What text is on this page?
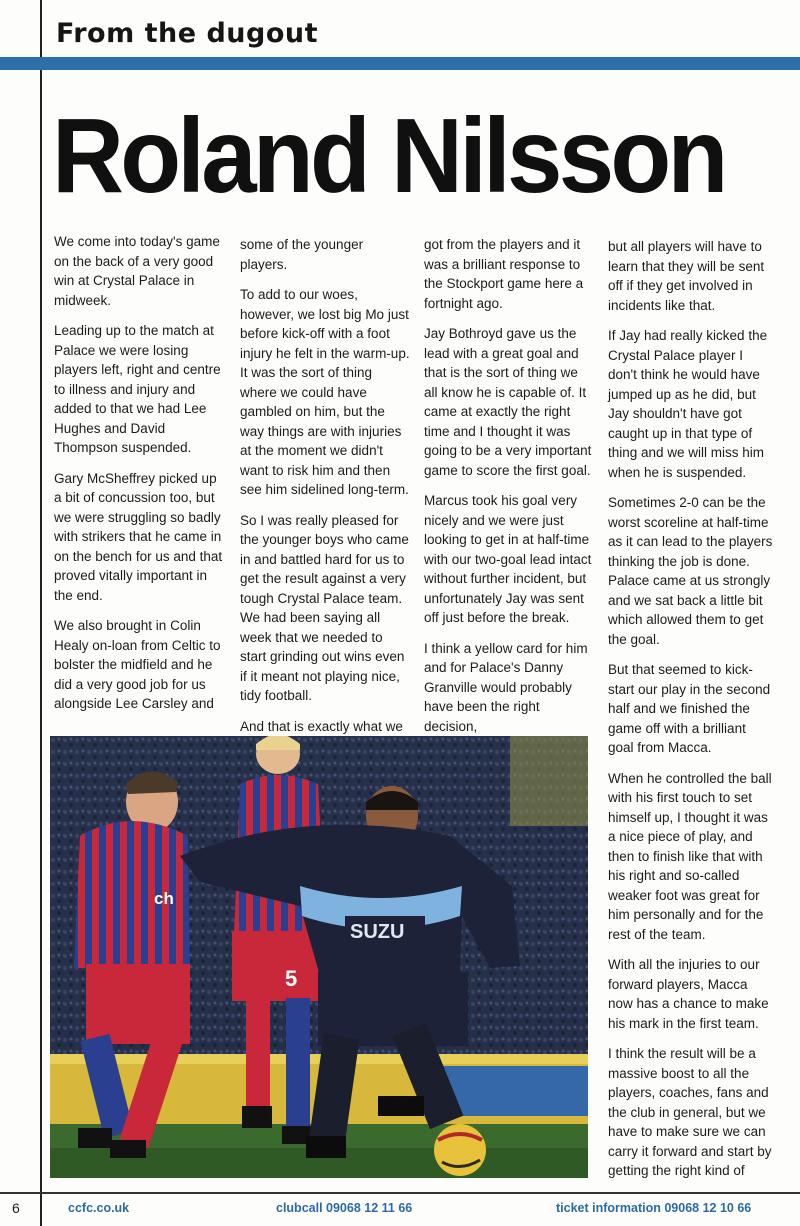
From the dugout
Roland Nilsson

We come into today's game on the back of a very good win at Crystal Palace in midweek.

Leading up to the match at Palace we were losing players left, right and centre to illness and injury and added to that we had Lee Hughes and David Thompson suspended.

Gary McSheffrey picked up a bit of concussion too, but we were struggling so badly with strikers that he came in on the bench for us and that proved vitally important in the end.

We also brought in Colin Healy on-loan from Celtic to bolster the midfield and he did a very good job for us alongside Lee Carsley and

some of the younger players.

To add to our woes, however, we lost big Mo just before kick-off with a foot injury he felt in the warm-up. It was the sort of thing where we could have gambled on him, but the way things are with injuries at the moment we didn't want to risk him and then see him sidelined long-term.

So I was really pleased for the younger boys who came in and battled hard for us to get the result against a very tough Crystal Palace team. We had been saying all week that we needed to start grinding out wins even if it meant not playing nice, tidy football.

And that is exactly what we

got from the players and it was a brilliant response to the Stockport game here a fortnight ago.

Jay Bothroyd gave us the lead with a great goal and that is the sort of thing we all know he is capable of. It came at exactly the right time and I thought it was going to be a very important game to score the first goal.

Marcus took his goal very nicely and we were just looking to get in at half-time with our two-goal lead intact without further incident, but unfortunately Jay was sent off just before the break.

I think a yellow card for him and for Palace's Danny Granville would probably have been the right decision,

but all players will have to learn that they will be sent off if they get involved in incidents like that.

If Jay had really kicked the Crystal Palace player I don't think he would have jumped up as he did, but Jay shouldn't have got caught up in that type of thing and we will miss him when he is suspended.

Sometimes 2-0 can be the worst scoreline at half-time as it can lead to the players thinking the job is done. Palace came at us strongly and we sat back a little bit which allowed them to get the goal.

But that seemed to kick-start our play in the second half and we finished the game off with a brilliant goal from Macca.

When he controlled the ball with his first touch to set himself up, I thought it was a nice piece of play, and then to finish like that with his right and so-called weaker foot was great for him personally and for the rest of the team.

With all the injuries to our forward players, Macca now has a chance to make his mark in the first team.

I think the result will be a massive boost to all the players, coaches, fans and the club in general, but we have to make sure we can carry it forward and start by getting the right kind of

5
ch
SUZU
6	ccfc.co.uk	clubcall 09068 12 11 66	ticket information 09068 12 10 66
